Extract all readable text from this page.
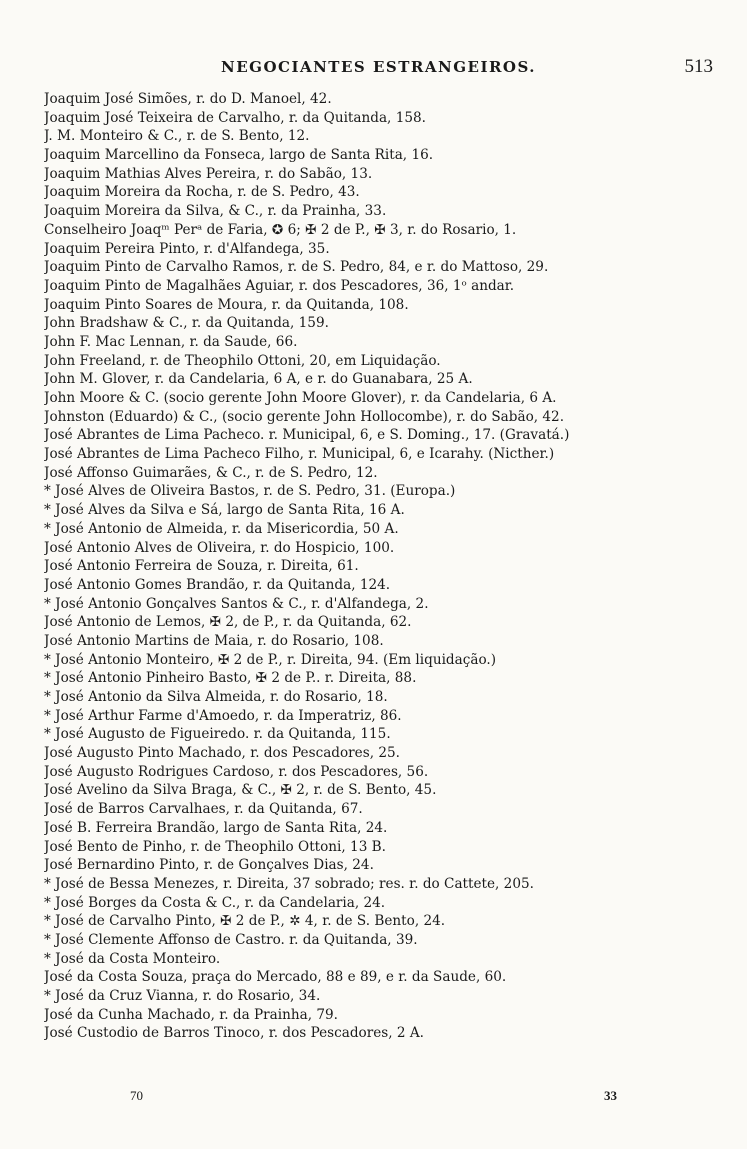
NEGOCIANTES ESTRANGEIROS.	513
Joaquim José Simões, r. do D. Manoel, 42.
Joaquim José Teixeira de Carvalho, r. da Quitanda, 158.
J. M. Monteiro & C., r. de S. Bento, 12.
Joaquim Marcellino da Fonseca, largo de Santa Rita, 16.
Joaquim Mathias Alves Pereira, r. do Sabão, 13.
Joaquim Moreira da Rocha, r. de S. Pedro, 43.
Joaquim Moreira da Silva, & C., r. da Prainha, 33.
Conselheiro Joaqᵐ Perᵃ de Faria, ✪ 6; ✠ 2 de P., ✠ 3, r. do Rosario, 1.
Joaquim Pereira Pinto, r. d'Alfandega, 35.
Joaquim Pinto de Carvalho Ramos, r. de S. Pedro, 84, e r. do Mattoso, 29.
Joaquim Pinto de Magalhães Aguiar, r. dos Pescadores, 36, 1ᵒ andar.
Joaquim Pinto Soares de Moura, r. da Quitanda, 108.
John Bradshaw & C., r. da Quitanda, 159.
John F. Mac Lennan, r. da Saude, 66.
John Freeland, r. de Theophilo Ottoni, 20, em Liquidação.
John M. Glover, r. da Candelaria, 6 A, e r. do Guanabara, 25 A.
John Moore & C. (socio gerente John Moore Glover), r. da Candelaria, 6 A.
Johnston (Eduardo) & C., (socio gerente John Hollocombe), r. do Sabão, 42.
José Abrantes de Lima Pacheco. r. Municipal, 6, e S. Doming., 17. (Gravatá.)
José Abrantes de Lima Pacheco Filho, r. Municipal, 6, e Icarahy. (Nicther.)
José Affonso Guimarães, & C., r. de S. Pedro, 12.
* José Alves de Oliveira Bastos, r. de S. Pedro, 31. (Europa.)
* José Alves da Silva e Sá, largo de Santa Rita, 16 A.
* José Antonio de Almeida, r. da Misericordia, 50 A.
José Antonio Alves de Oliveira, r. do Hospicio, 100.
José Antonio Ferreira de Souza, r. Direita, 61.
José Antonio Gomes Brandão, r. da Quitanda, 124.
* José Antonio Gonçalves Santos & C., r. d'Alfandega, 2.
José Antonio de Lemos, ✠ 2, de P., r. da Quitanda, 62.
José Antonio Martins de Maia, r. do Rosario, 108.
* José Antonio Monteiro, ✠ 2 de P., r. Direita, 94. (Em liquidação.)
* José Antonio Pinheiro Basto, ✠ 2 de P.. r. Direita, 88.
* José Antonio da Silva Almeida, r. do Rosario, 18.
* José Arthur Farme d'Amoedo, r. da Imperatriz, 86.
* José Augusto de Figueiredo. r. da Quitanda, 115.
José Augusto Pinto Machado, r. dos Pescadores, 25.
José Augusto Rodrigues Cardoso, r. dos Pescadores, 56.
José Avelino da Silva Braga, & C., ✠ 2, r. de S. Bento, 45.
José de Barros Carvalhaes, r. da Quitanda, 67.
José B. Ferreira Brandão, largo de Santa Rita, 24.
José Bento de Pinho, r. de Theophilo Ottoni, 13 B.
José Bernardino Pinto, r. de Gonçalves Dias, 24.
* José de Bessa Menezes, r. Direita, 37 sobrado; res. r. do Cattete, 205.
* José Borges da Costa & C., r. da Candelaria, 24.
* José de Carvalho Pinto, ✠ 2 de P., ✲ 4, r. de S. Bento, 24.
* José Clemente Affonso de Castro. r. da Quitanda, 39.
* José da Costa Monteiro.
José da Costa Souza, praça do Mercado, 88 e 89, e r. da Saude, 60.
* José da Cruz Vianna, r. do Rosario, 34.
José da Cunha Machado, r. da Prainha, 79.
José Custodio de Barros Tinoco, r. dos Pescadores, 2 A.
70	33
